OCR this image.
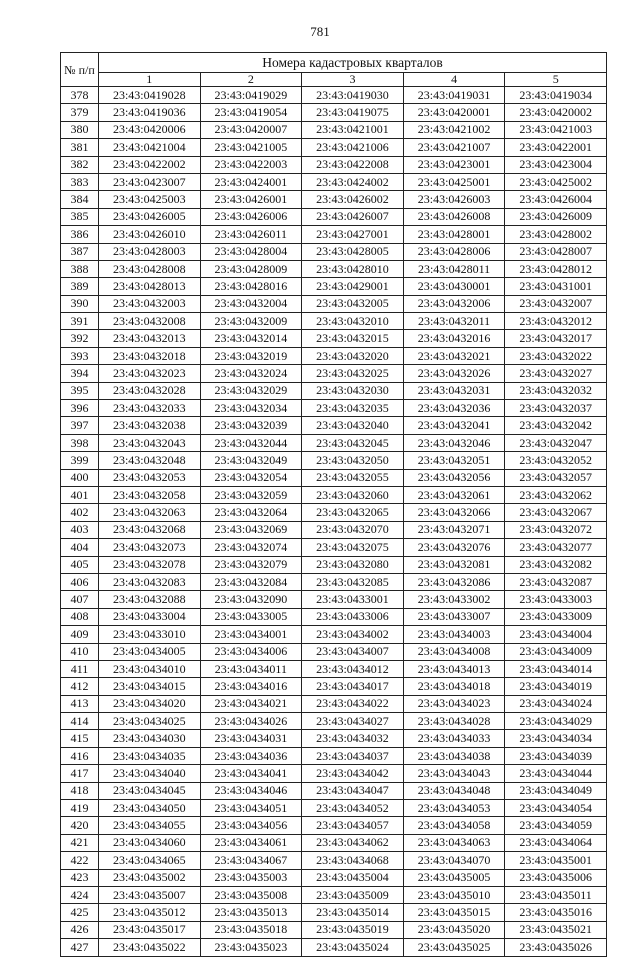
781
№ п/п	Номера кадастровых кварталов				
	1	2	3	4	5
378	23:43:0419028	23:43:0419029	23:43:0419030	23:43:0419031	23:43:0419034
379	23:43:0419036	23:43:0419054	23:43:0419075	23:43:0420001	23:43:0420002
380	23:43:0420006	23:43:0420007	23:43:0421001	23:43:0421002	23:43:0421003
381	23:43:0421004	23:43:0421005	23:43:0421006	23:43:0421007	23:43:0422001
382	23:43:0422002	23:43:0422003	23:43:0422008	23:43:0423001	23:43:0423004
383	23:43:0423007	23:43:0424001	23:43:0424002	23:43:0425001	23:43:0425002
384	23:43:0425003	23:43:0426001	23:43:0426002	23:43:0426003	23:43:0426004
385	23:43:0426005	23:43:0426006	23:43:0426007	23:43:0426008	23:43:0426009
386	23:43:0426010	23:43:0426011	23:43:0427001	23:43:0428001	23:43:0428002
387	23:43:0428003	23:43:0428004	23:43:0428005	23:43:0428006	23:43:0428007
388	23:43:0428008	23:43:0428009	23:43:0428010	23:43:0428011	23:43:0428012
389	23:43:0428013	23:43:0428016	23:43:0429001	23:43:0430001	23:43:0431001
390	23:43:0432003	23:43:0432004	23:43:0432005	23:43:0432006	23:43:0432007
391	23:43:0432008	23:43:0432009	23:43:0432010	23:43:0432011	23:43:0432012
392	23:43:0432013	23:43:0432014	23:43:0432015	23:43:0432016	23:43:0432017
393	23:43:0432018	23:43:0432019	23:43:0432020	23:43:0432021	23:43:0432022
394	23:43:0432023	23:43:0432024	23:43:0432025	23:43:0432026	23:43:0432027
395	23:43:0432028	23:43:0432029	23:43:0432030	23:43:0432031	23:43:0432032
396	23:43:0432033	23:43:0432034	23:43:0432035	23:43:0432036	23:43:0432037
397	23:43:0432038	23:43:0432039	23:43:0432040	23:43:0432041	23:43:0432042
398	23:43:0432043	23:43:0432044	23:43:0432045	23:43:0432046	23:43:0432047
399	23:43:0432048	23:43:0432049	23:43:0432050	23:43:0432051	23:43:0432052
400	23:43:0432053	23:43:0432054	23:43:0432055	23:43:0432056	23:43:0432057
401	23:43:0432058	23:43:0432059	23:43:0432060	23:43:0432061	23:43:0432062
402	23:43:0432063	23:43:0432064	23:43:0432065	23:43:0432066	23:43:0432067
403	23:43:0432068	23:43:0432069	23:43:0432070	23:43:0432071	23:43:0432072
404	23:43:0432073	23:43:0432074	23:43:0432075	23:43:0432076	23:43:0432077
405	23:43:0432078	23:43:0432079	23:43:0432080	23:43:0432081	23:43:0432082
406	23:43:0432083	23:43:0432084	23:43:0432085	23:43:0432086	23:43:0432087
407	23:43:0432088	23:43:0432090	23:43:0433001	23:43:0433002	23:43:0433003
408	23:43:0433004	23:43:0433005	23:43:0433006	23:43:0433007	23:43:0433009
409	23:43:0433010	23:43:0434001	23:43:0434002	23:43:0434003	23:43:0434004
410	23:43:0434005	23:43:0434006	23:43:0434007	23:43:0434008	23:43:0434009
411	23:43:0434010	23:43:0434011	23:43:0434012	23:43:0434013	23:43:0434014
412	23:43:0434015	23:43:0434016	23:43:0434017	23:43:0434018	23:43:0434019
413	23:43:0434020	23:43:0434021	23:43:0434022	23:43:0434023	23:43:0434024
414	23:43:0434025	23:43:0434026	23:43:0434027	23:43:0434028	23:43:0434029
415	23:43:0434030	23:43:0434031	23:43:0434032	23:43:0434033	23:43:0434034
416	23:43:0434035	23:43:0434036	23:43:0434037	23:43:0434038	23:43:0434039
417	23:43:0434040	23:43:0434041	23:43:0434042	23:43:0434043	23:43:0434044
418	23:43:0434045	23:43:0434046	23:43:0434047	23:43:0434048	23:43:0434049
419	23:43:0434050	23:43:0434051	23:43:0434052	23:43:0434053	23:43:0434054
420	23:43:0434055	23:43:0434056	23:43:0434057	23:43:0434058	23:43:0434059
421	23:43:0434060	23:43:0434061	23:43:0434062	23:43:0434063	23:43:0434064
422	23:43:0434065	23:43:0434067	23:43:0434068	23:43:0434070	23:43:0435001
423	23:43:0435002	23:43:0435003	23:43:0435004	23:43:0435005	23:43:0435006
424	23:43:0435007	23:43:0435008	23:43:0435009	23:43:0435010	23:43:0435011
425	23:43:0435012	23:43:0435013	23:43:0435014	23:43:0435015	23:43:0435016
426	23:43:0435017	23:43:0435018	23:43:0435019	23:43:0435020	23:43:0435021
427	23:43:0435022	23:43:0435023	23:43:0435024	23:43:0435025	23:43:0435026
